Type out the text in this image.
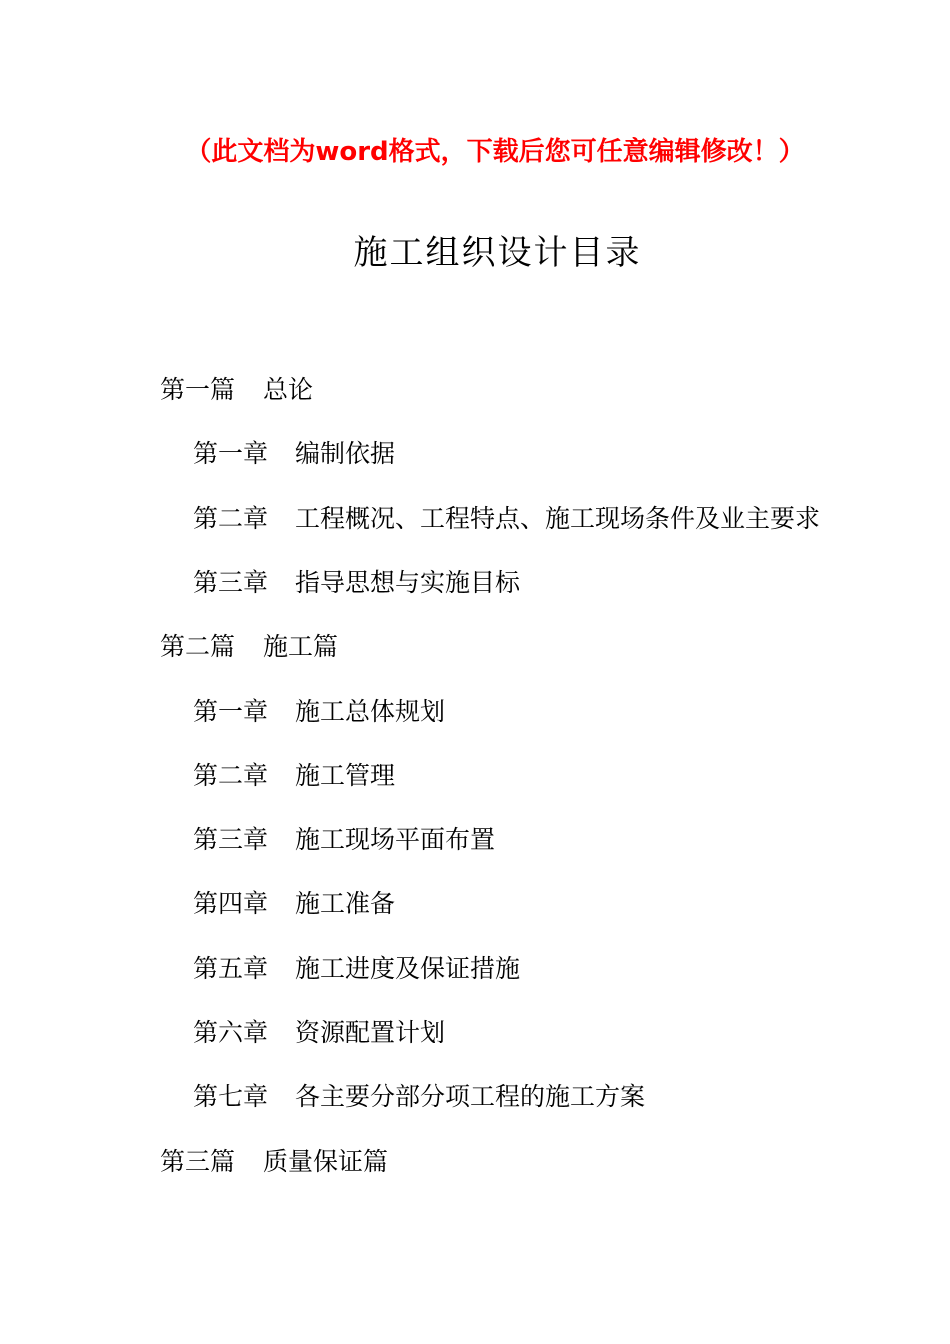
（此文档为word格式，下载后您可任意编辑修改！）
施工组织设计目录
第一篇 总论
第一章 编制依据
第二章 工程概况、工程特点、施工现场条件及业主要求
第三章 指导思想与实施目标
第二篇 施工篇
第一章 施工总体规划
第二章 施工管理
第三章 施工现场平面布置
第四章 施工准备
第五章 施工进度及保证措施
第六章 资源配置计划
第七章 各主要分部分项工程的施工方案
第三篇 质量保证篇
